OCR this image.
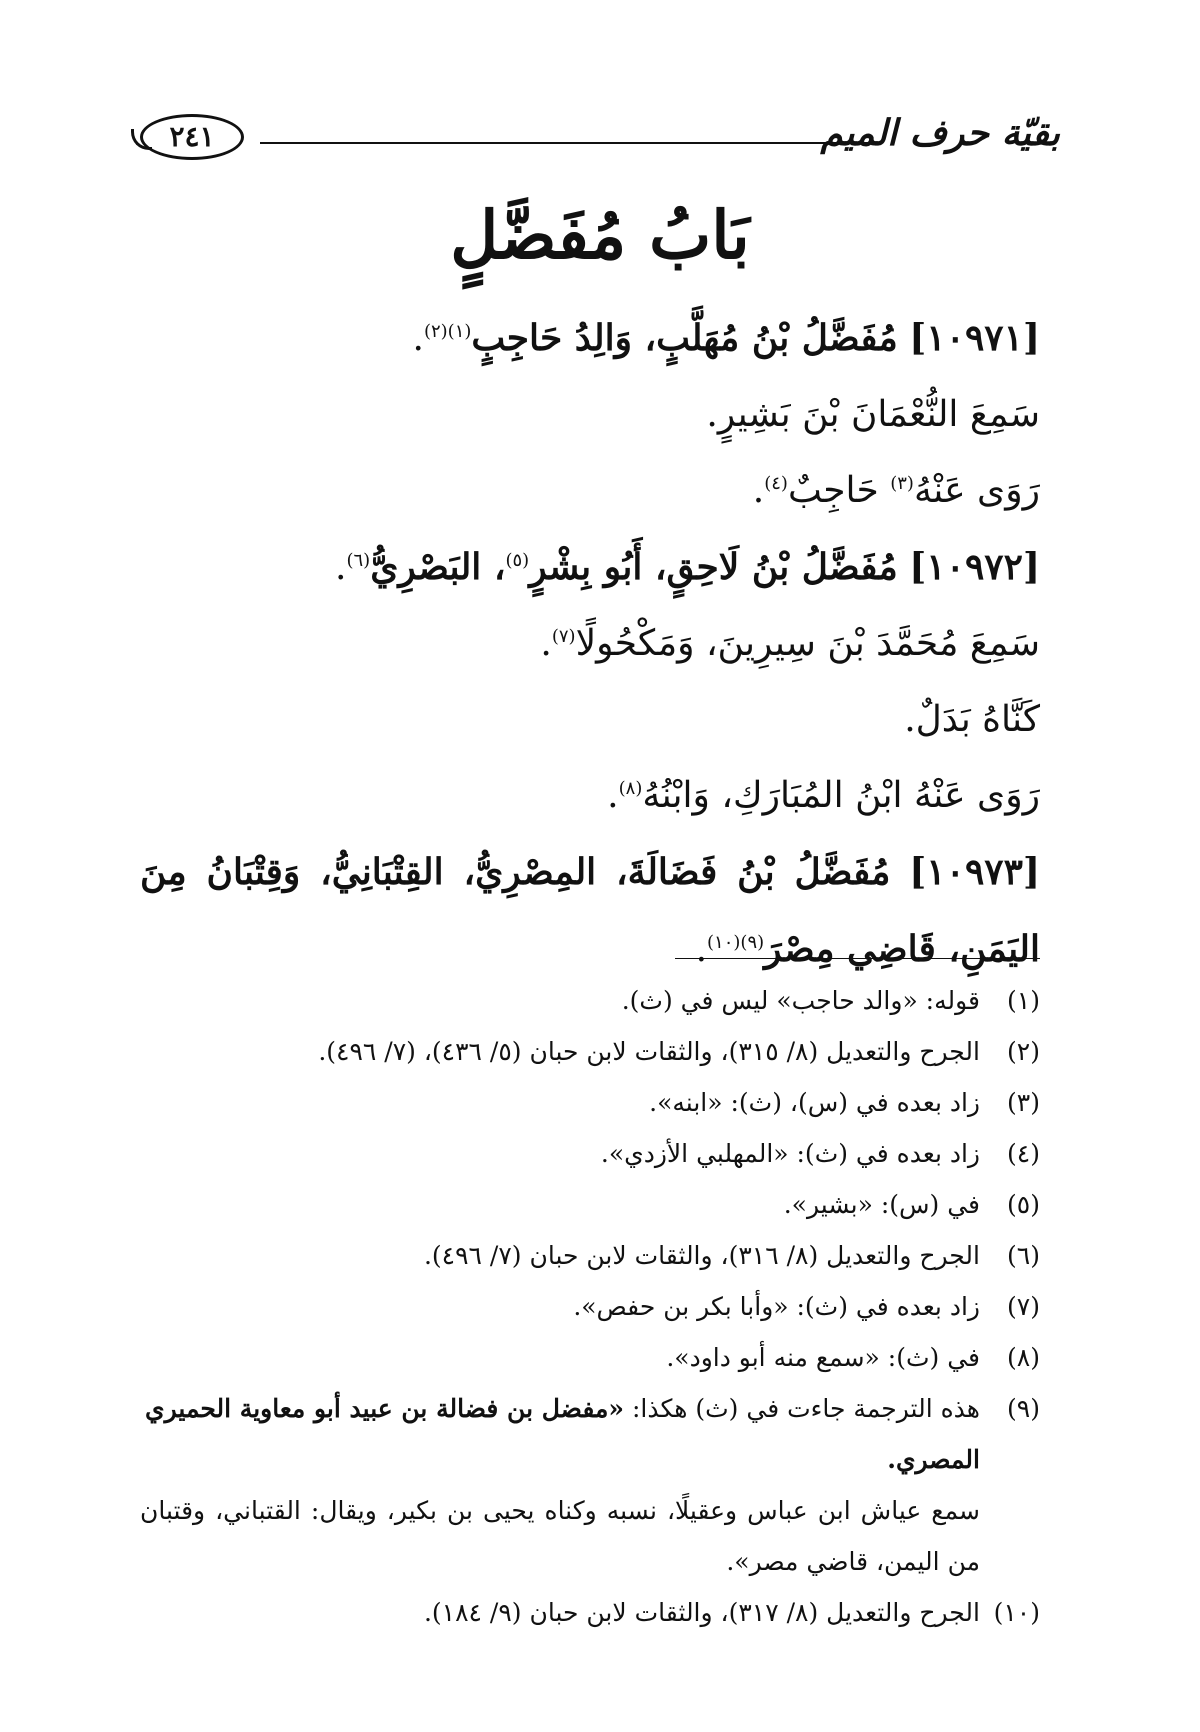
بقيّة حرف الميم
٢٤١
بَابُ مُفَضَّلٍ

[١٠٩٧١] مُفَضَّلُ بْنُ مُهَلَّبٍ، وَالِدُ حَاجِبٍ$^{(١)(٢)}$.

سَمِعَ النُّعْمَانَ بْنَ بَشِيرٍ.

رَوَى عَنْهُ$^{(٣)}$ حَاجِبٌ$^{(٤)}$.

[١٠٩٧٢] مُفَضَّلُ بْنُ لَاحِقٍ، أَبُو بِشْرٍ$^{(٥)}$، البَصْرِيُّ$^{(٦)}$.

سَمِعَ مُحَمَّدَ بْنَ سِيرِينَ، وَمَكْحُولًا$^{(٧)}$.

كَنَّاهُ بَدَلٌ.

رَوَى عَنْهُ ابْنُ المُبَارَكِ، وَابْنُهُ$^{(٨)}$.

[١٠٩٧٣] مُفَضَّلُ بْنُ فَضَالَةَ، المِصْرِيُّ، القِتْبَانِيُّ، وَقِتْبَانُ مِنَ اليَمَنِ، قَاضِي مِصْرَ$^{(٩)(١٠)}$.

(١)
قوله: «والد حاجب» ليس في (ث).
(٢)
الجرح والتعديل (٨/ ٣١٥)، والثقات لابن حبان (٥/ ٤٣٦)، (٧/ ٤٩٦).
(٣)
زاد بعده في (س)، (ث): «ابنه».
(٤)
زاد بعده في (ث): «المهلبي الأزدي».
(٥)
في (س): «بشير».
(٦)
الجرح والتعديل (٨/ ٣١٦)، والثقات لابن حبان (٧/ ٤٩٦).
(٧)
زاد بعده في (ث): «وأبا بكر بن حفص».
(٨)
في (ث): «سمع منه أبو داود».
(٩)
هذه الترجمة جاءت في (ث) هكذا: «مفضل بن فضالة بن عبيد أبو معاوية الحميري المصري.
سمع عياش ابن عباس وعقيلًا، نسبه وكناه يحيى بن بكير، ويقال: القتباني، وقتبان من اليمن، قاضي مصر».
(١٠)
الجرح والتعديل (٨/ ٣١٧)، والثقات لابن حبان (٩/ ١٨٤).
